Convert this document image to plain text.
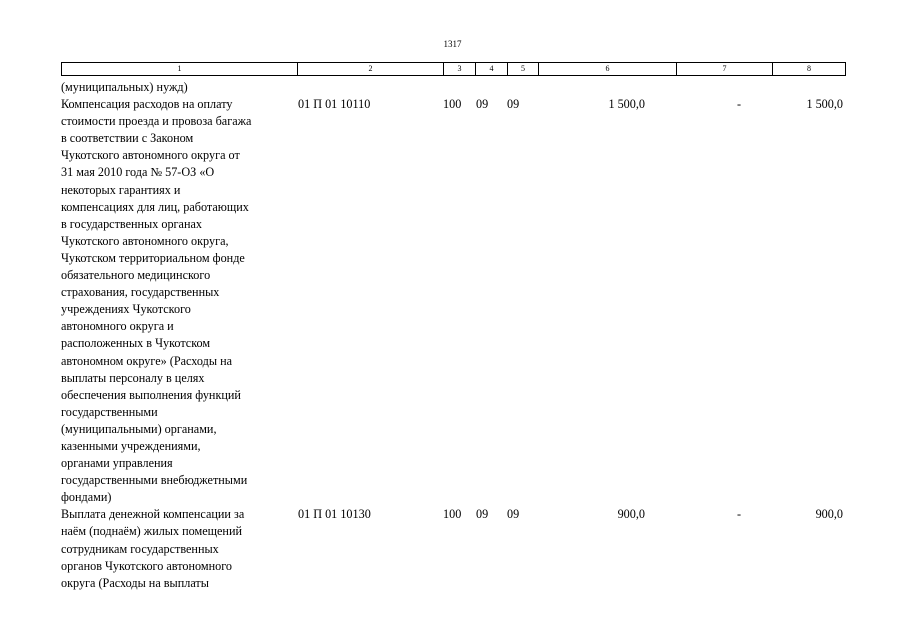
1317
1	2	3	4	5	6	7	8
(муниципальных) нужд)
Компенсация расходов на оплату
стоимости проезда и провоза багажа
в соответствии с Законом
Чукотского автономного округа от
31 мая 2010 года № 57-ОЗ «О
некоторых гарантиях и
компенсациях для лиц, работающих
в государственных органах
Чукотского автономного округа,
Чукотском территориальном фонде
обязательного медицинского
страхования, государственных
учреждениях Чукотского
автономного округа и
расположенных в Чукотском
автономном округе» (Расходы на
выплаты персоналу в целях
обеспечения выполнения функций
государственными
(муниципальными) органами,
казенными учреждениями,
органами управления
государственными внебюджетными
фондами)
01 П 01 10110	100 09 09	1 500,0	-	1 500,0
Выплата денежной компенсации за
наём (поднаём) жилых помещений
сотрудникам государственных
органов Чукотского автономного
округа (Расходы на выплаты
01 П 01 10130	100 09 09	900,0	-	900,0
